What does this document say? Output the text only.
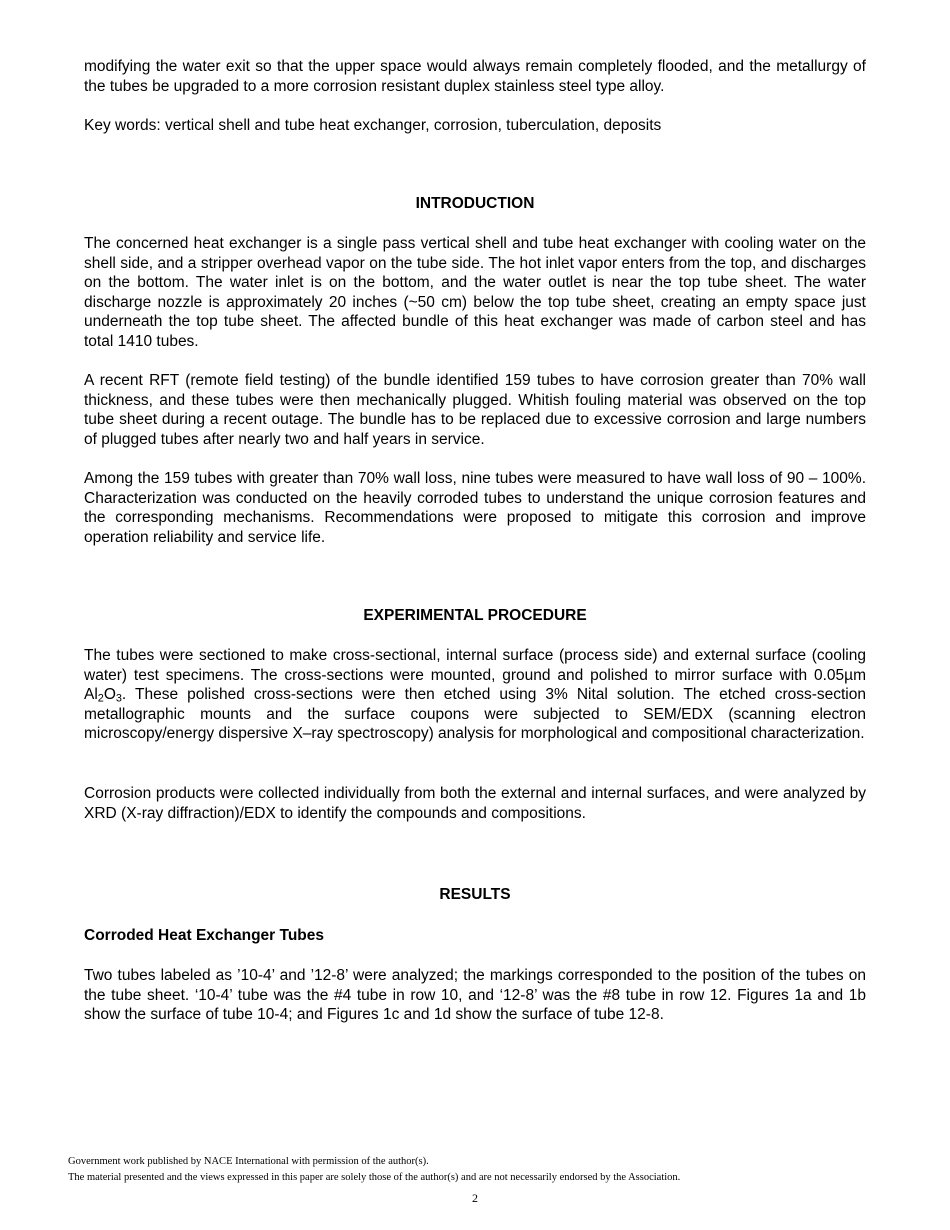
modifying the water exit so that the upper space would always remain completely flooded, and the metallurgy of the tubes be upgraded to a more corrosion resistant duplex stainless steel type alloy.

Key words: vertical shell and tube heat exchanger, corrosion, tuberculation, deposits

INTRODUCTION

The concerned heat exchanger is a single pass vertical shell and tube heat exchanger with cooling water on the shell side, and a stripper overhead vapor on the tube side. The hot inlet vapor enters from the top, and discharges on the bottom. The water inlet is on the bottom, and the water outlet is near the top tube sheet. The water discharge nozzle is approximately 20 inches (~50 cm) below the top tube sheet, creating an empty space just underneath the top tube sheet. The affected bundle of this heat exchanger was made of carbon steel and has total 1410 tubes.

A recent RFT (remote field testing) of the bundle identified 159 tubes to have corrosion greater than 70% wall thickness, and these tubes were then mechanically plugged. Whitish fouling material was observed on the top tube sheet during a recent outage. The bundle has to be replaced due to excessive corrosion and large numbers of plugged tubes after nearly two and half years in service.

Among the 159 tubes with greater than 70% wall loss, nine tubes were measured to have wall loss of 90 – 100%. Characterization was conducted on the heavily corroded tubes to understand the unique corrosion features and the corresponding mechanisms. Recommendations were proposed to mitigate this corrosion and improve operation reliability and service life.

EXPERIMENTAL PROCEDURE

The tubes were sectioned to make cross-sectional, internal surface (process side) and external surface (cooling water) test specimens. The cross-sections were mounted, ground and polished to mirror surface with 0.05µm $Al_2O_3$. These polished cross-sections were then etched using 3% Nital solution. The etched cross-section metallographic mounts and the surface coupons were subjected to SEM/EDX (scanning electron microscopy/energy dispersive X–ray spectroscopy) analysis for morphological and compositional characterization.

Corrosion products were collected individually from both the external and internal surfaces, and were analyzed by XRD (X-ray diffraction)/EDX to identify the compounds and compositions.

RESULTS
Corroded Heat Exchanger Tubes

Two tubes labeled as ’10-4’ and ’12-8’ were analyzed; the markings corresponded to the position of the tubes on the tube sheet. ‘10-4’ tube was the #4 tube in row 10, and ‘12-8’ was the #8 tube in row 12. Figures 1a and 1b show the surface of tube 10-4; and Figures 1c and 1d show the surface of tube 12-8.

Government work published by NACE International with permission of the author(s).

The material presented and the views expressed in this paper are solely those of the author(s) and are not necessarily endorsed by the Association.

2
